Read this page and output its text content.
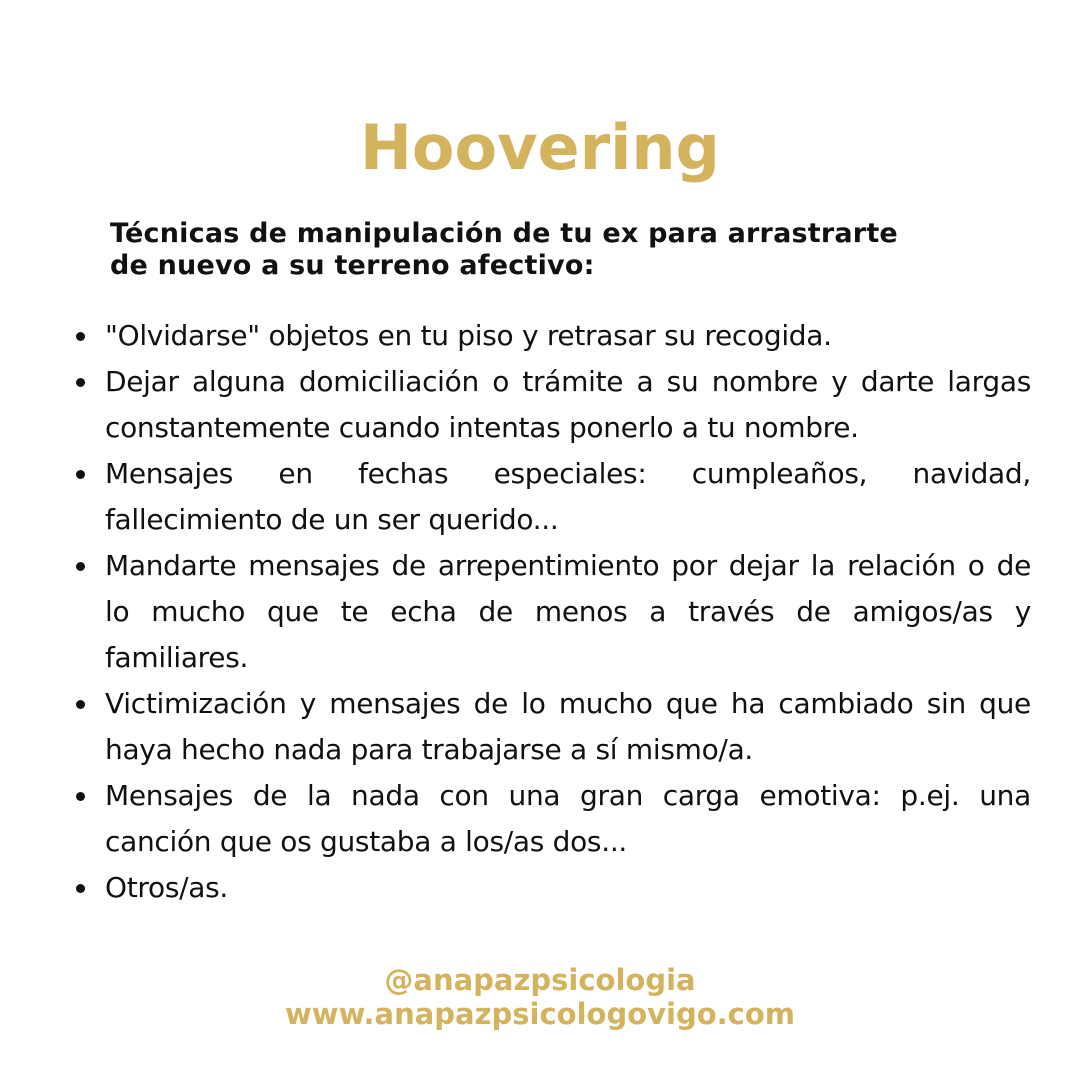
Hoovering
Técnicas de manipulación de tu ex para arrastrarte
de nuevo a su terreno afectivo:
"Olvidarse" objetos en tu piso y retrasar su recogida.
Dejar alguna domiciliación o trámite a su nombre y darte largas constantemente cuando intentas ponerlo a tu nombre.
Mensajes en fechas especiales: cumpleaños, navidad, fallecimiento de un ser querido...
Mandarte mensajes de arrepentimiento por dejar la relación o de lo mucho que te echa de menos a través de amigos/as y familiares.
Victimización y mensajes de lo mucho que ha cambiado sin que haya hecho nada para trabajarse a sí mismo/a.
Mensajes de la nada con una gran carga emotiva: p.ej. una canción que os gustaba a los/as dos...
Otros/as.
@anapazpsicologia
www.anapazpsicologovigo.com
